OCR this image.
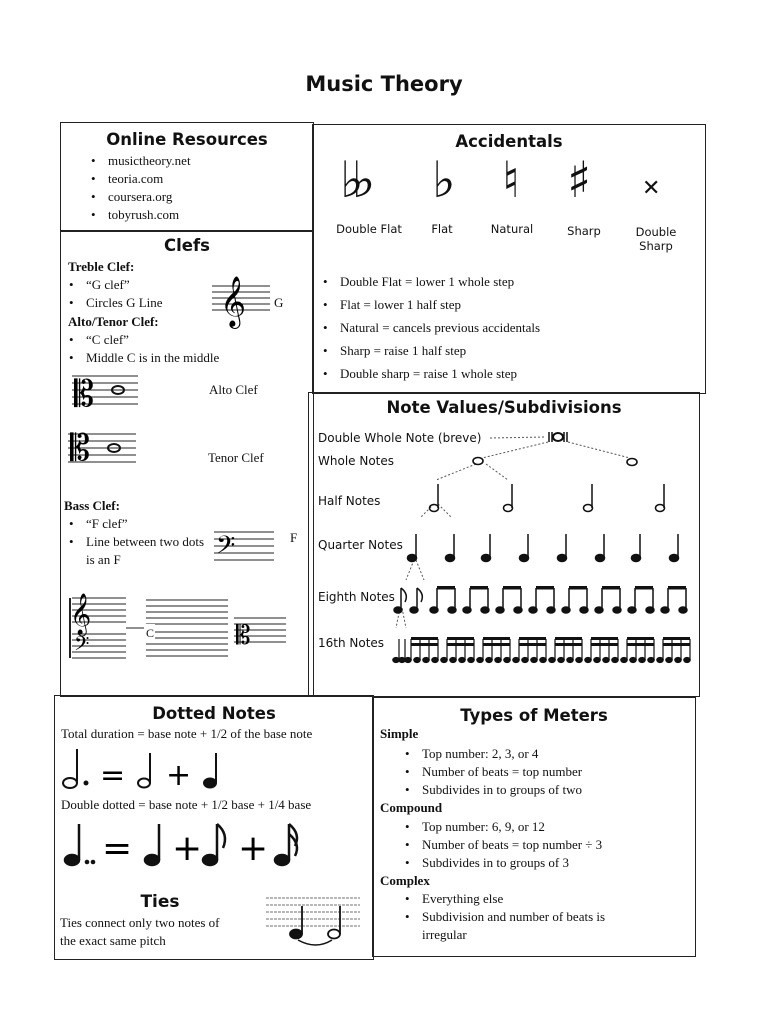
Music Theory
Online Resources
• musictheory.net
• teoria.com
• coursera.org
• tobyrush.com
Accidentals
♭♭ ♭ ♮ ♯ ✕
Double Flat	Flat	Natural	Sharp	Double Sharp
• Double Flat = lower 1 whole step
• Flat = lower 1 half step
• Natural = cancels previous accidentals
• Sharp = raise 1 half step
• Double sharp = raise 1 whole step
Clefs
Treble Clef:
• “G clef”
• Circles G Line
Alto/Tenor Clef:
• “C clef”
• Middle C is in the middle
𝄞 G
𝄡	Alto Clef
𝄡	Tenor Clef
Bass Clef:
• “F clef”
• Line between two dots is an F	𝄢	F
𝄞
𝄢	𝄡
C
Note Values/Subdivisions
Double Whole Note (breve)
Whole Notes
Half Notes
Quarter Notes
Eighth Notes
16th Notes
Dotted Notes
Total duration = base note + 1/2 of the base note
= +
Double dotted = base note + 1/2 base + 1/4 base
= + +
Ties
Ties connect only two notes of
the exact same pitch
Types of Meters
Simple
• Top number: 2, 3, or 4
• Number of beats = top number
• Subdivides in to groups of two
Compound
• Top number: 6, 9, or 12
• Number of beats = top number ÷ 3
• Subdivides in to groups of 3
Complex
• Everything else
• Subdivision and number of beats is irregular
